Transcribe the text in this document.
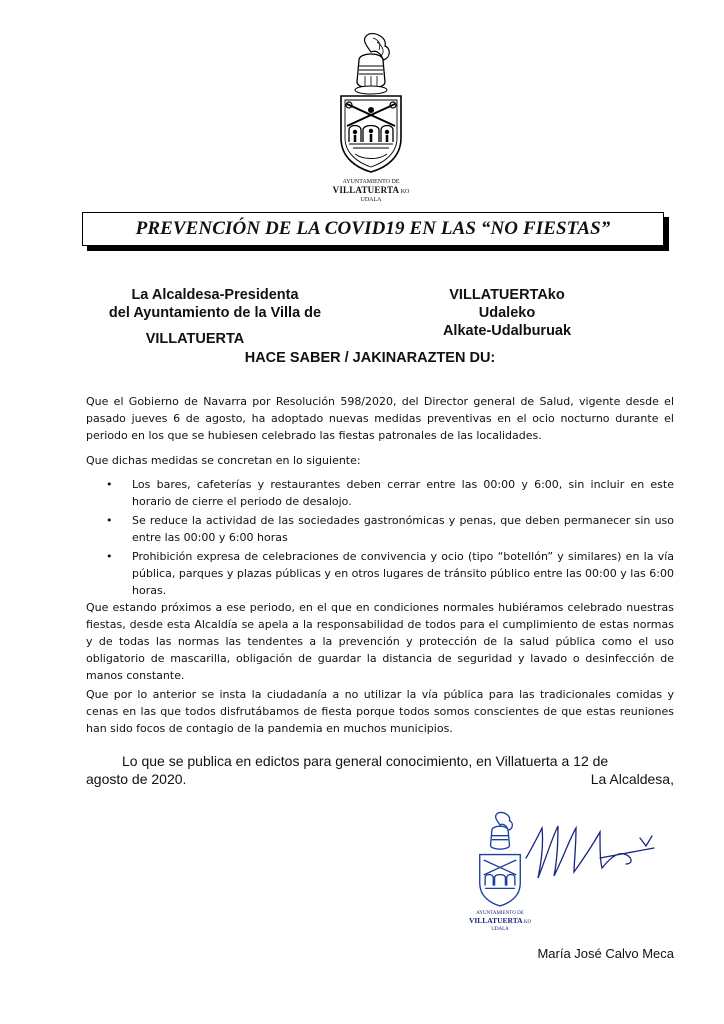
AYUNTAMIENTO DE
VILLATUERTA KO
UDALA
PREVENCIÓN DE LA COVID19 EN LAS “NO FIESTAS”
La Alcaldesa-Presidenta
del Ayuntamiento de la Villa de
VILLATUERTA
VILLATUERTAko
Udaleko
Alkate-Udalburuak
HACE SABER / JAKINARAZTEN DU:

Que el Gobierno de Navarra por Resolución 598/2020, del Director general de Salud, vigente desde el pasado jueves 6 de agosto, ha adoptado nuevas medidas preventivas en el ocio nocturno durante el periodo en los que se hubiesen celebrado las fiestas patronales de las localidades.

Que dichas medidas se concretan en lo siguiente:

• Los bares, cafeterías y restaurantes deben cerrar entre las 00:00 y 6:00, sin incluir en este horario de cierre el periodo de desalojo.
• Se reduce la actividad de las sociedades gastronómicas y penas, que deben permanecer sin uso entre las 00:00 y 6:00 horas
• Prohibición expresa de celebraciones de convivencia y ocio (tipo “botellón” y similares) en la vía pública, parques y plazas públicas y en otros lugares de tránsito público entre las 00:00 y las 6:00 horas.

Que estando próximos a ese periodo, en el que en condiciones normales hubiéramos celebrado nuestras fiestas, desde esta Alcaldía se apela a la responsabilidad de todos para el cumplimiento de estas normas y de todas las normas las tendentes a la prevención y protección de la salud pública como el uso obligatorio de mascarilla, obligación de guardar la distancia de seguridad y lavado o desinfección de manos constante.

Que por lo anterior se insta la ciudadanía a no utilizar la vía pública para las tradicionales comidas y cenas en las que todos disfrutábamos de fiesta porque todos somos conscientes de que estas reuniones han sido focos de contagio de la pandemia en muchos municipios.

Lo que se publica en edictos para general conocimiento, en Villatuerta a 12 de
agosto de 2020.	La Alcaldesa,
AYUNTAMIENTO DE
VILLATUERTA KO
UDALA
María José Calvo Meca
